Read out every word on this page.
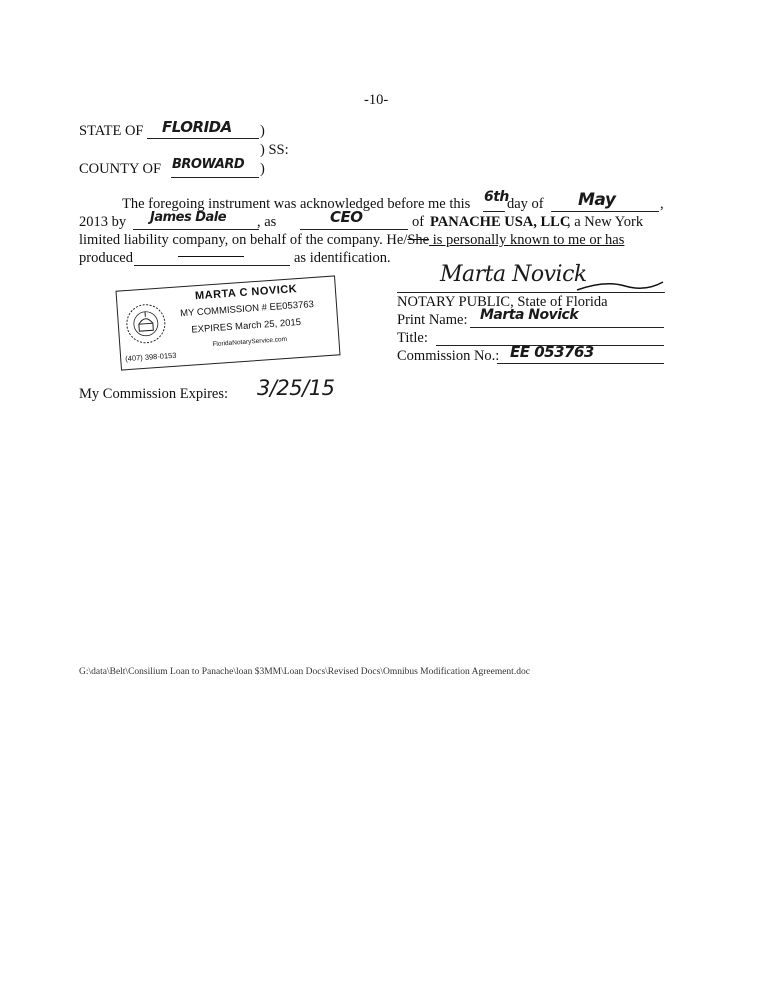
-10-
STATE OF FLORIDA )
) SS:
COUNTY OF BROWARD )
The foregoing instrument was acknowledged before me this 6th
day of May	,
2013 by James Dale , as	CEO	of PANACHE USA, LLC
, a New York
limited liability company, on behalf of the company. He/She is personally known to me or has
produced	as identification.
Marta Novick
NOTARY PUBLIC, State of Florida
Print Name: Marta Novick
Title:
Commission No.: EE 053763
MARTA C NOVICK
MY COMMISSION # EE053763
EXPIRES March 25, 2015
FloridaNotaryService.com
(407) 398-0153
My Commission Expires: 3/25/15
G:\data\Belt\Consilium Loan to Panache\loan $3MM\Loan Docs\Revised Docs\Omnibus Modification Agreement.doc
